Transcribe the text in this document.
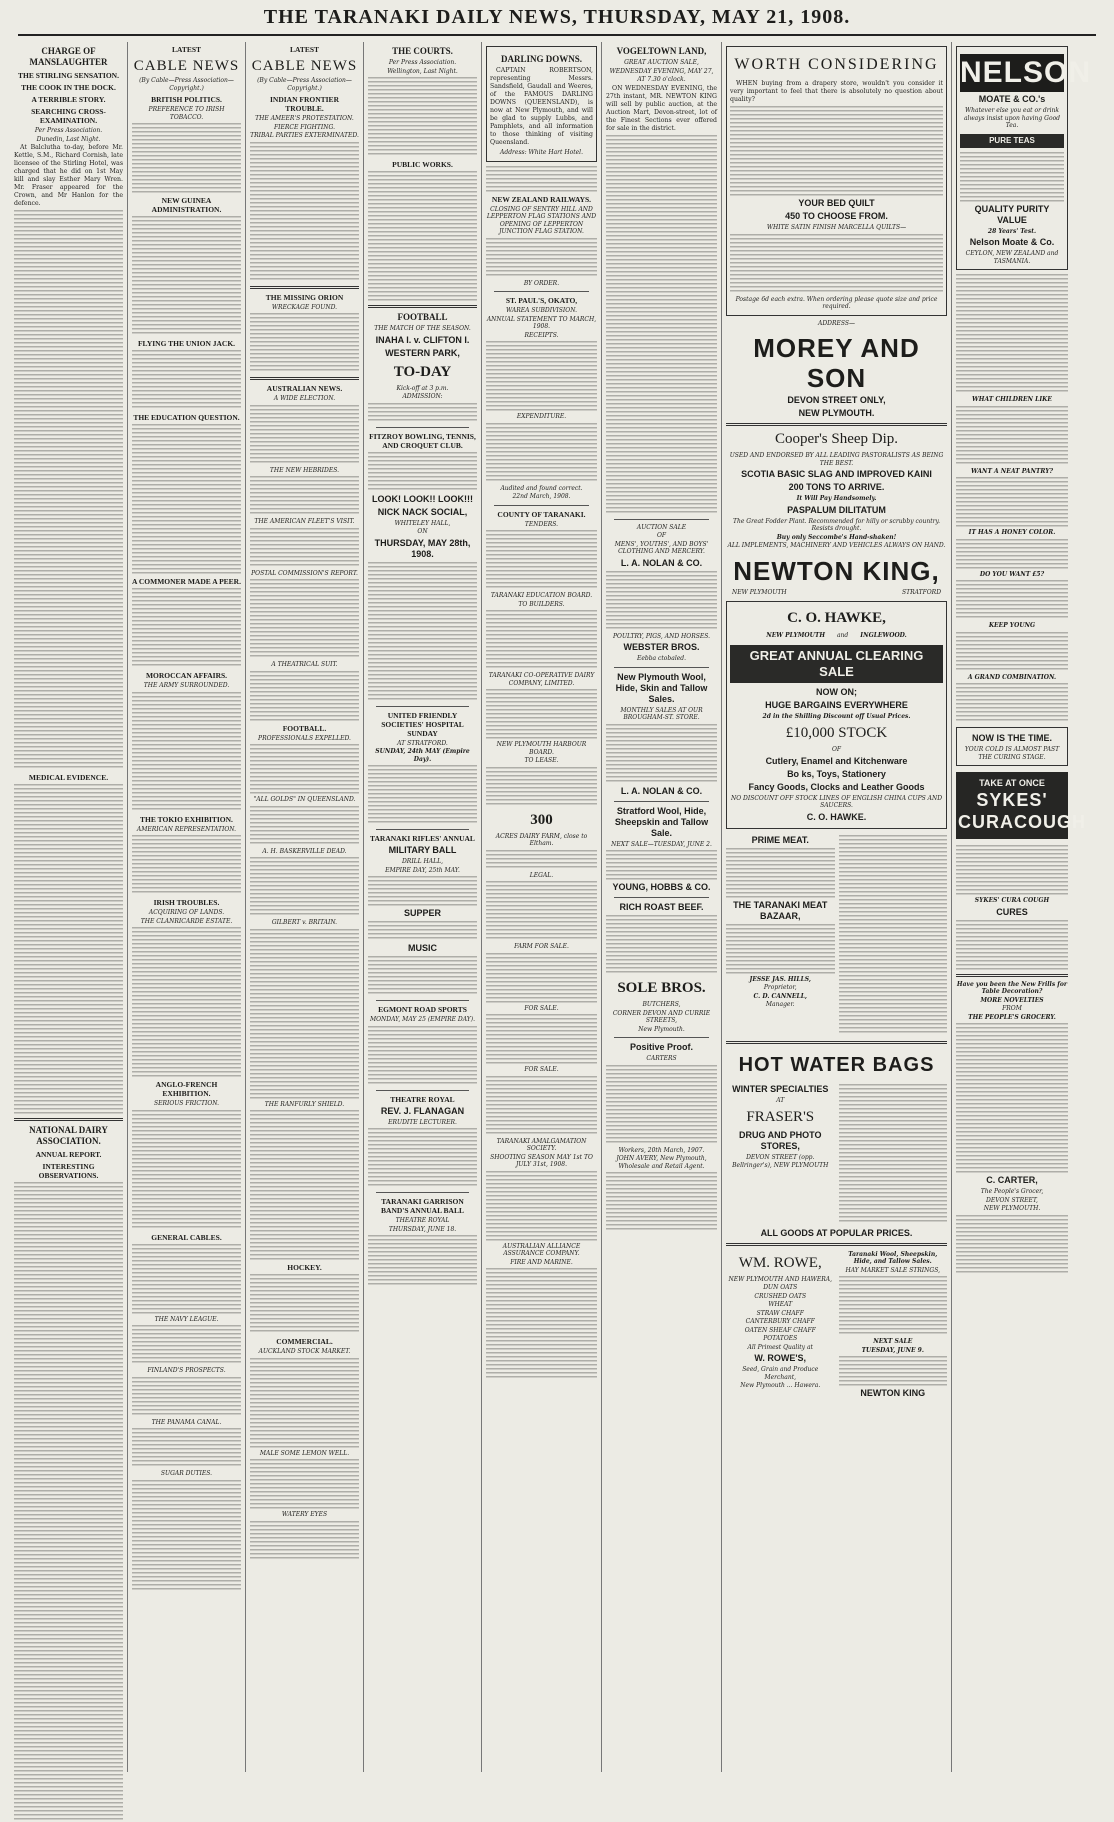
THE TARANAKI DAILY NEWS, THURSDAY, MAY 21, 1908.
CHARGE OF MANSLAUGHTER
THE STIRLING SENSATION.
THE COOK IN THE DOCK.
A TERRIBLE STORY.
SEARCHING CROSS-EXAMINATION.
Per Press Association.
Dunedin, Last Night.

At Balclutha to-day, before Mr. Kettle, S.M., Richard Cornish, late licensee of the Stirling Hotel, was charged that he did on 1st May kill and slay Esther Mary Wren. Mr. Fraser appeared for the Crown, and Mr Hanlon for the defence.

MEDICAL EVIDENCE.
NATIONAL DAIRY ASSOCIATION.
ANNUAL REPORT.
INTERESTING OBSERVATIONS.
LATEST
CABLE NEWS
(By Cable—Press Association—Copyright.)
BRITISH POLITICS.
PREFERENCE TO IRISH TOBACCO.
NEW GUINEA ADMINISTRATION.
FLYING THE UNION JACK.
THE EDUCATION QUESTION.
A COMMONER MADE A PEER.
MOROCCAN AFFAIRS.
THE ARMY SURROUNDED.
THE TOKIO EXHIBITION.
AMERICAN REPRESENTATION.
IRISH TROUBLES.
ACQUIRING OF LANDS.
THE CLANRICARDE ESTATE.
ANGLO-FRENCH EXHIBITION.
SERIOUS FRICTION.
GENERAL CABLES.
THE NAVY LEAGUE.
FINLAND'S PROSPECTS.
THE PANAMA CANAL.
SUGAR DUTIES.
LATEST
CABLE NEWS
(By Cable—Press Association—Copyright.)
INDIAN FRONTIER TROUBLE.
THE AMEER'S PROTESTATION.
FIERCE FIGHTING.
TRIBAL PARTIES EXTERMINATED.
THE MISSING ORION
WRECKAGE FOUND.
AUSTRALIAN NEWS.
A WIDE ELECTION.
THE NEW HEBRIDES.
THE AMERICAN FLEET'S VISIT.
POSTAL COMMISSION'S REPORT.
A THEATRICAL SUIT.
FOOTBALL.
PROFESSIONALS EXPELLED.
"ALL GOLDS" IN QUEENSLAND.
A. H. BASKERVILLE DEAD.
GILBERT v. BRITAIN.
THE RANFURLY SHIELD.
HOCKEY.
COMMERCIAL.
AUCKLAND STOCK MARKET.
MALE SOME LEMON WELL.
WATERY EYES
THE COURTS.
Per Press Association.
Wellington, Last Night.
PUBLIC WORKS.
FOOTBALL
THE MATCH OF THE SEASON.
INAHA I. v. CLIFTON I.
WESTERN PARK,
TO-DAY
Kick-off at 3 p.m.
ADMISSION:
FITZROY BOWLING, TENNIS, AND CROQUET CLUB.
LOOK! LOOK!! LOOK!!!
NICK NACK SOCIAL,
WHITELEY HALL,
ON
THURSDAY, MAY 28th, 1908.
UNITED FRIENDLY SOCIETIES' HOSPITAL SUNDAY
AT STRATFORD.
SUNDAY, 24th MAY (Empire Day).
TARANAKI RIFLES' ANNUAL
MILITARY BALL
DRILL HALL,
EMPIRE DAY, 25th MAY.
SUPPER
MUSIC
EGMONT ROAD SPORTS
MONDAY, MAY 25 (EMPIRE DAY).
THEATRE ROYAL
REV. J. FLANAGAN
ERUDITE LECTURER.
TARANAKI GARRISON BAND'S ANNUAL BALL
THEATRE ROYAL
THURSDAY, JUNE 18.
DARLING DOWNS.

CAPTAIN ROBERTSON, representing Messrs. Sandsfield, Gaudall and Weeres, of the FAMOUS DARLING DOWNS (QUEENSLAND), is now at New Plymouth, and will be glad to supply Lubbs, and Pamphlets, and all information to those thinking of visiting Queensland.

Address: White Hart Hotel.
NEW ZEALAND RAILWAYS.
CLOSING OF SENTRY HILL AND LEPPERTON FLAG STATIONS AND OPENING OF LEPPERTON JUNCTION FLAG STATION.
BY ORDER.
ST. PAUL'S, OKATO,
WAREA SUBDIVISION.
ANNUAL STATEMENT TO MARCH, 1908.
RECEIPTS.
EXPENDITURE.
Audited and found correct.
22nd March, 1908.
COUNTY OF TARANAKI.
TENDERS.
TARANAKI EDUCATION BOARD.
TO BUILDERS.
TARANAKI CO-OPERATIVE DAIRY COMPANY, LIMITED.
NEW PLYMOUTH HARBOUR BOARD.
TO LEASE.
300
ACRES DAIRY FARM, close to Eltham.
LEGAL.
FARM FOR SALE.
FOR SALE.
FOR SALE.
TARANAKI AMALGAMATION SOCIETY.
SHOOTING SEASON MAY 1st TO JULY 31st, 1908.
AUSTRALIAN ALLIANCE ASSURANCE COMPANY.
FIRE AND MARINE.
VOGELTOWN LAND,
GREAT AUCTION SALE,
WEDNESDAY EVENING, MAY 27,
AT 7.30 o'clock.

ON WEDNESDAY EVENING, the 27th instant, MR. NEWTON KING will sell by public auction, at the Auction Mart, Devon-street, lot of the Finest Sections ever offered for sale in the district.

AUCTION SALE
OF
MENS', YOUTHS', AND BOYS' CLOTHING AND MERCERY.
L. A. NOLAN & CO.
POULTRY, PIGS, AND HORSES.
WEBSTER BROS.
Eebba ctobaled.
New Plymouth Wool, Hide, Skin and Tallow Sales.
MONTHLY SALES AT OUR BROUGHAM-ST. STORE.
L. A. NOLAN & CO.
Stratford Wool, Hide, Sheepskin and Tallow Sale.
NEXT SALE—TUESDAY, JUNE 2.
YOUNG, HOBBS & CO.
RICH ROAST BEEF.
SOLE BROS.
BUTCHERS,
CORNER DEVON AND CURRIE STREETS,
New Plymouth.
Positive Proof.
CARTERS
Workers, 20th March, 1907.
JOHN AVERY, New Plymouth, Wholesale and Retail Agent.
WORTH CONSIDERING

WHEN buying from a drapery store, wouldn't you consider it very important to feel that there is absolutely no question about quality?

YOUR BED QUILT
450 TO CHOOSE FROM.
WHITE SATIN FINISH MARCELLA QUILTS—
Postage 6d each extra. When ordering please quote size and price required.
ADDRESS—
MOREY AND SON
DEVON STREET ONLY,
NEW PLYMOUTH.
Cooper's Sheep Dip.
USED AND ENDORSED BY ALL LEADING PASTORALISTS AS BEING THE BEST.
SCOTIA BASIC SLAG AND IMPROVED KAINI
200 TONS TO ARRIVE.
It Will Pay Handsomely.
PASPALUM DILITATUM
The Great Fodder Plant. Recommended for hilly or scrubby country. Resists drought.
Buy only Seccombe's Hand-shaken!
ALL IMPLEMENTS, MACHINERY AND VEHICLES ALWAYS ON HAND.
NEWTON KING,
NEW PLYMOUTH	STRATFORD
C. O. HAWKE,
NEW PLYMOUTH and INGLEWOOD.
GREAT ANNUAL CLEARING SALE
NOW ON;
HUGE BARGAINS EVERYWHERE
2d in the Shilling Discount off Usual Prices.
£10,000 STOCK
OF
Cutlery, Enamel and Kitchenware
Bo ks, Toys, Stationery
Fancy Goods, Clocks and Leather Goods
NO DISCOUNT OFF STOCK LINES OF ENGLISH CHINA CUPS AND SAUCERS.
C. O. HAWKE.
PRIME MEAT.
THE TARANAKI MEAT BAZAAR,
JESSE JAS. HILLS,
Proprietor,
C. D. CANNELL,
Manager.
HOT WATER BAGS
WINTER SPECIALTIES
AT
FRASER'S
DRUG AND PHOTO STORES,
DEVON STREET (opp. Bellringer's), NEW PLYMOUTH
ALL GOODS AT POPULAR PRICES.
WM. ROWE,
NEW PLYMOUTH AND HAWERA,
DUN OATS
CRUSHED OATS
WHEAT
STRAW CHAFF
CANTERBURY CHAFF
OATEN SHEAF CHAFF
POTATOES
All Primest Quality at
W. ROWE'S,
Seed, Grain and Produce Merchant,
New Plymouth ... Hawera.
Taranaki Wool, Sheepskin, Hide, and Tallow Sales.
HAY MARKET SALE STRINGS,
NEXT SALE
TUESDAY, JUNE 9.
NEWTON KING
NELSON
MOATE & CO.'s
Whatever else you eat or drink always insist upon having Good Tea.
PURE TEAS
QUALITY PURITY VALUE
28 Years' Test.
Nelson Moate & Co.
CEYLON, NEW ZEALAND and TASMANIA.
WHAT CHILDREN LIKE
WANT A NEAT PANTRY?
IT HAS A HONEY COLOR.
DO YOU WANT £5?
KEEP YOUNG
A GRAND COMBINATION.
NOW IS THE TIME.
YOUR COLD IS ALMOST PAST THE CURING STAGE.
TAKE AT ONCE
SYKES'
CURACOUGH
SYKES' CURA COUGH
CURES
Have you been the New Frills for Table Decoration?
MORE NOVELTIES
FROM
THE PEOPLE'S GROCERY.
C. CARTER,
The People's Grocer,
DEVON STREET,
NEW PLYMOUTH.
